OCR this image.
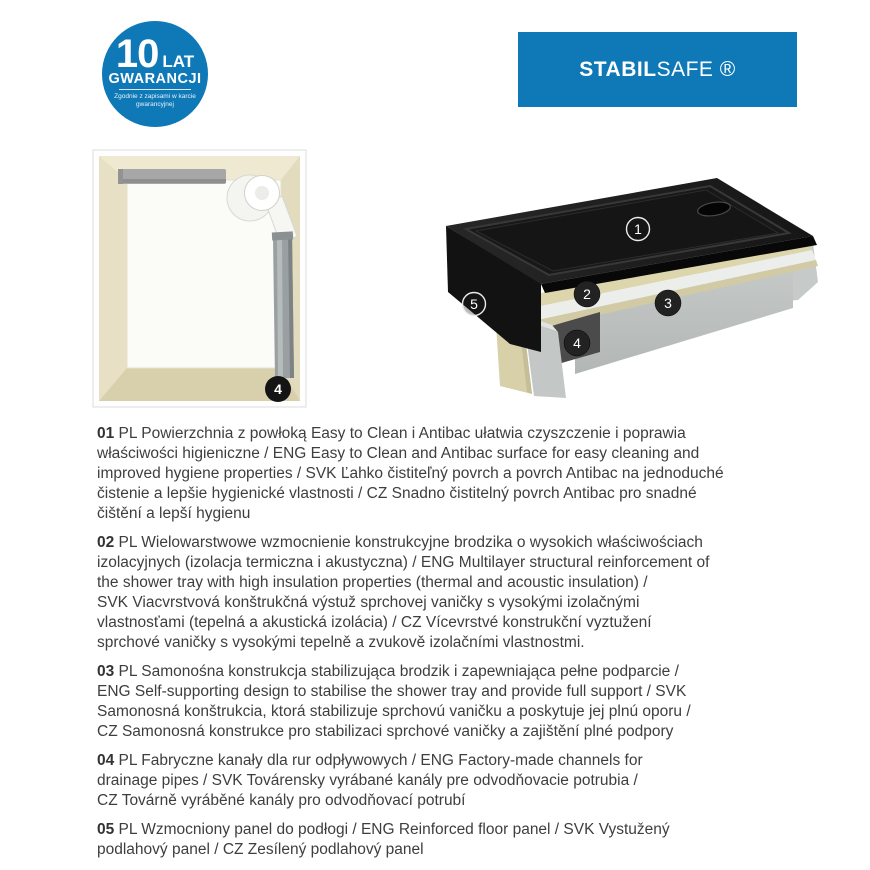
10 LAT
GWARANCJI
Zgodnie z zapisami w karcie
gwarancyjnej
STABILSAFE ®
4
1
2
3
4
5

01 PL Powierzchnia z powłoką Easy to Clean i Antibac ułatwia czyszczenie i poprawia
właściwości higieniczne / ENG Easy to Clean and Antibac surface for easy cleaning and
improved hygiene properties / SVK Ľahko čistiteľný povrch a povrch Antibac na jednoduché
čistenie a lepšie hygienické vlastnosti / CZ Snadno čistitelný povrch Antibac pro snadné
čištění a lepší hygienu

02 PL Wielowarstwowe wzmocnienie konstrukcyjne brodzika o wysokich właściwościach
izolacyjnych (izolacja termiczna i akustyczna) / ENG Multilayer structural reinforcement of
the shower tray with high insulation properties (thermal and acoustic insulation) /
SVK Viacvrstvová konštrukčná výstuž sprchovej vaničky s vysokými izolačnými
vlastnosťami (tepelná a akustická izolácia) / CZ Vícevrstvé konstrukční vyztužení
sprchové vaničky s vysokými tepelně a zvukově izolačními vlastnostmi.

03 PL Samonośna konstrukcja stabilizująca brodzik i zapewniająca pełne podparcie /
ENG Self-supporting design to stabilise the shower tray and provide full support / SVK
Samonosná konštrukcia, ktorá stabilizuje sprchovú vaničku a poskytuje jej plnú oporu /
CZ Samonosná konstrukce pro stabilizaci sprchové vaničky a zajištění plné podpory

04 PL Fabryczne kanały dla rur odpływowych / ENG Factory-made channels for
drainage pipes / SVK Továrensky vyrábané kanály pre odvodňovacie potrubia /
CZ Továrně vyráběné kanály pro odvodňovací potrubí

05 PL Wzmocniony panel do podłogi / ENG Reinforced floor panel / SVK Vystužený
podlahový panel / CZ Zesílený podlahový panel
